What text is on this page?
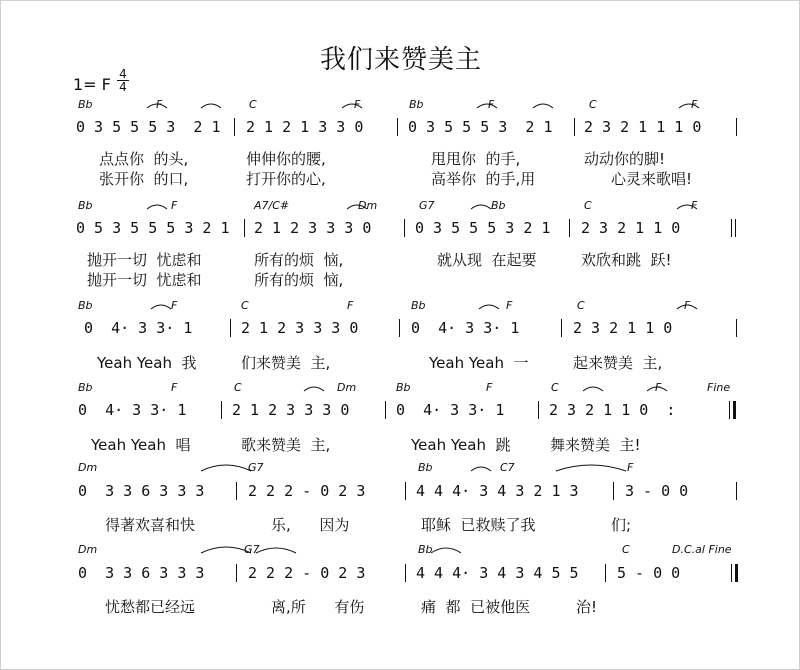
我们来赞美主
1= F $\frac{4}{4}$
Bb	F	C	F	Bb	F	C	F
0 3 5 5 5 3  2 1 2 1 2 1 3 3 0	0 3 5 5 5 3  2 1 2 3 2 1 1 1 0
点点你  的头,	伸伸你的腰,	甩甩你  的手,	动动你的脚!
张开你  的口,	打开你的心,	高举你  的手,用	心灵来歌唱!
Bb	F	A7/C#	Dm	G7	Bb	C	F
0 5 3 5 5 5 3 2 1 2 1 2 3 3 3 0	0 3 5 5 5 3 2 1 2 3 2 1 1 0
抛开一切  忧虑和	所有的烦  恼,	就从现  在起要	欢欣和跳  跃!
抛开一切  忧虑和	所有的烦  恼,
Bb	F	C	F	Bb	F	C	F
0  4· 3 3· 1	2 1 2 3 3 3 0	0  4· 3 3· 1	2 3 2 1 1 0
Yeah Yeah  我	们来赞美  主,	Yeah Yeah  一	起来赞美  主,
Bb	F	C	Dm	Bb	F	C	F	Fine
0  4· 3 3· 1	2 1 2 3 3 3 0	0  4· 3 3· 1	2 3 2 1 1 0  :
Yeah Yeah  唱	歌来赞美  主,	Yeah Yeah  跳	舞来赞美  主!
Dm	G7	Bb	C7	F
0  3 3 6 3 3 3	2 2 2 - 0 2 3	4 4 4· 3 4 3 2 1 3	3 - 0 0
得著欢喜和快	乐,      因为	耶稣  已救赎了我	们;
Dm	G7	Bb	C	D.C.al Fine
0  3 3 6 3 3 3	2 2 2 - 0 2 3	4 4 4· 3 4 3 4 5 5	5 - 0 0
忧愁都已经远	离,所      有伤	痛  都  已被他医	治!
